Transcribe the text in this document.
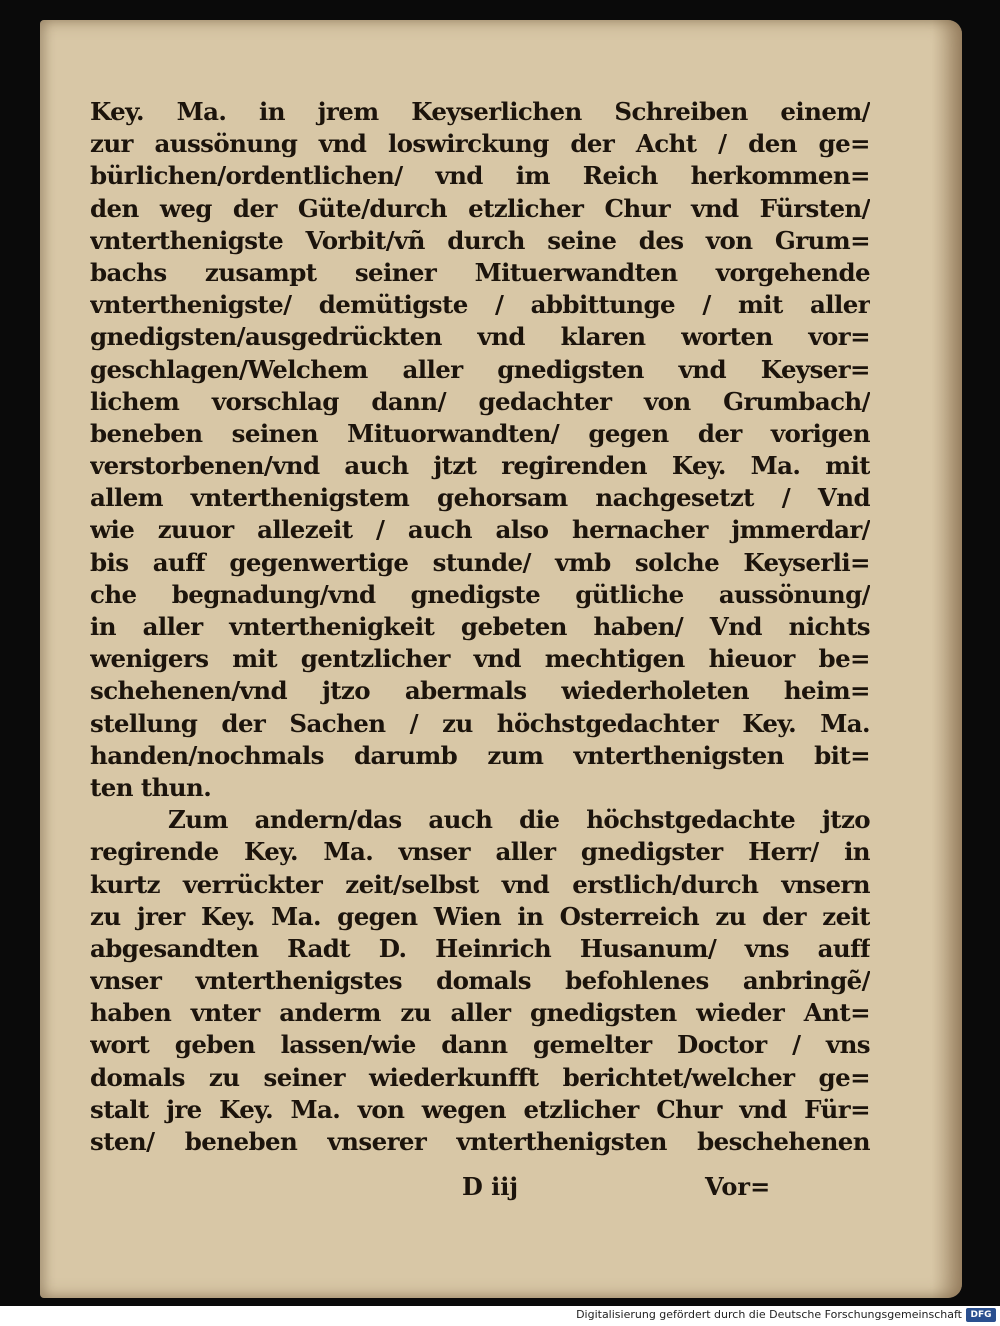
Key. Ma. in jrem Keyserlichen Schreiben einem/
zur aussönung vnd loswirckung der Acht / den ge=
bürlichen/ordentlichen/ vnd im Reich herkommen=
den weg der Güte/durch etzlicher Chur vnd Fürsten/
vnterthenigste Vorbit/vñ durch seine des von Grum=
bachs zusampt seiner Mituerwandten vorgehende
vnterthenigste/ demütigste / abbittunge / mit aller
gnedigsten/ausgedrückten vnd klaren worten vor=
geschlagen/Welchem aller gnedigsten vnd Keyser=
lichem vorschlag dann/ gedachter von Grumbach/
beneben seinen Mituorwandten/ gegen der vorigen
verstorbenen/vnd auch jtzt regirenden Key. Ma. mit
allem vnterthenigstem gehorsam nachgesetzt / Vnd
wie zuuor allezeit / auch also hernacher jmmerdar/
bis auff gegenwertige stunde/ vmb solche Keyserli=
che begnadung/vnd gnedigste gütliche aussönung/
in aller vnterthenigkeit gebeten haben/ Vnd nichts
wenigers mit gentzlicher vnd mechtigen hieuor be=
schehenen/vnd jtzo abermals wiederholeten heim=
stellung der Sachen / zu höchstgedachter Key. Ma.
handen/nochmals darumb zum vnterthenigsten bit=
ten thun.
Zum andern/das auch die höchstgedachte jtzo
regirende Key. Ma. vnser aller gnedigster Herr/ in
kurtz verrückter zeit/selbst vnd erstlich/durch vnsern
zu jrer Key. Ma. gegen Wien in Osterreich zu der zeit
abgesandten Radt D. Heinrich Husanum/ vns auff
vnser vnterthenigstes domals befohlenes anbringẽ/
haben vnter anderm zu aller gnedigsten wieder Ant=
wort geben lassen/wie dann gemelter Doctor / vns
domals zu seiner wiederkunfft berichtet/welcher ge=
stalt jre Key. Ma. von wegen etzlicher Chur vnd Für=
sten/ beneben vnserer vnterthenigsten beschehenen
D iij	Vor=
Digitalisierung gefördert durch die Deutsche Forschungsgemeinschaft DFG
